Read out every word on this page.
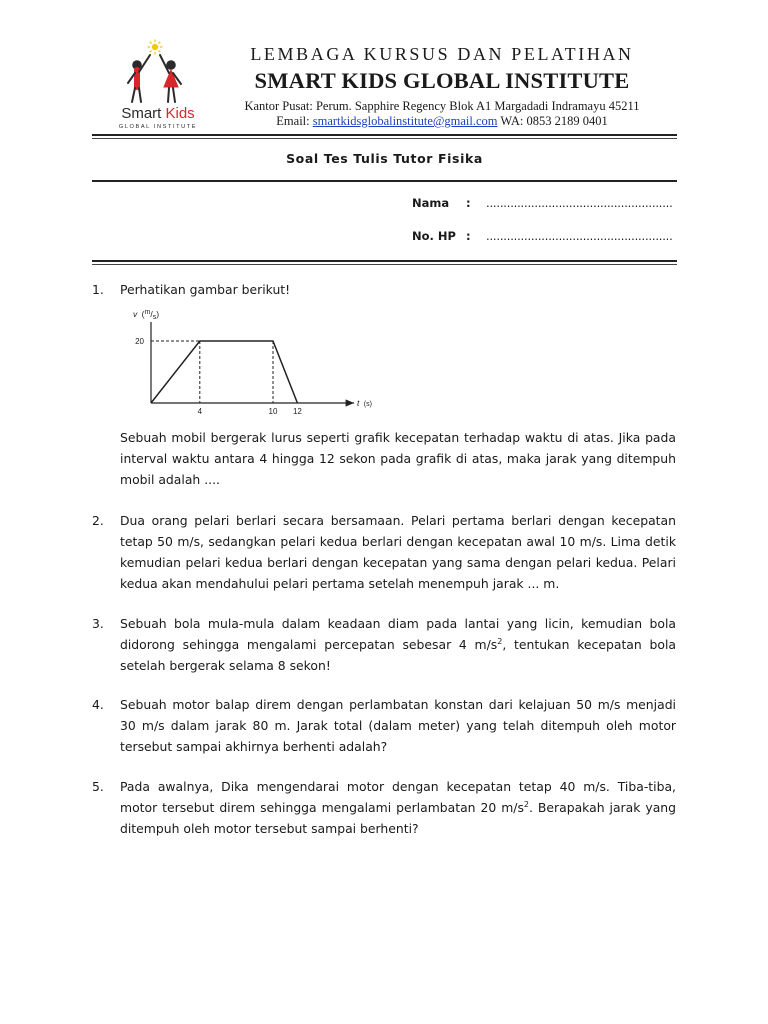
Smart Kids
GLOBAL INSTITUTE
LEMBAGA KURSUS DAN PELATIHAN
SMART KIDS GLOBAL INSTITUTE
Kantor Pusat: Perum. Sapphire Regency Blok A1 Margadadi Indramayu 45211
Email: smartkidsglobalinstitute@gmail.com WA: 0853 2189 0401
Soal Tes Tulis Tutor Fisika
Nama	: ......................................................
No. HP : ......................................................
1.	Perhatikan gambar berikut!
4	10 12
20
v $(^m/_s)$
t (s)
Sebuah mobil bergerak lurus seperti grafik kecepatan terhadap waktu di atas. Jika pada interval waktu antara 4 hingga 12 sekon pada grafik di atas, maka jarak yang ditempuh mobil adalah ....
2.	Dua orang pelari berlari secara bersamaan. Pelari pertama berlari dengan kecepatan tetap 50 m/s, sedangkan pelari kedua berlari dengan kecepatan awal 10 m/s. Lima detik kemudian pelari kedua berlari dengan kecepatan yang sama dengan pelari kedua. Pelari kedua akan mendahului pelari pertama setelah menempuh jarak ... m.
3.	Sebuah bola mula-mula dalam keadaan diam pada lantai yang licin, kemudian bola didorong sehingga mengalami percepatan sebesar 4 $m/s^2$, tentukan kecepatan bola setelah bergerak selama 8 sekon!
4.	Sebuah motor balap direm dengan perlambatan konstan dari kelajuan 50 m/s menjadi 30 m/s dalam jarak 80 m. Jarak total (dalam meter) yang telah ditempuh oleh motor tersebut sampai akhirnya berhenti adalah?
5.	Pada awalnya, Dika mengendarai motor dengan kecepatan tetap 40 m/s. Tiba-tiba, motor tersebut direm sehingga mengalami perlambatan 20 $m/s^2$. Berapakah jarak yang ditempuh oleh motor tersebut sampai berhenti?
